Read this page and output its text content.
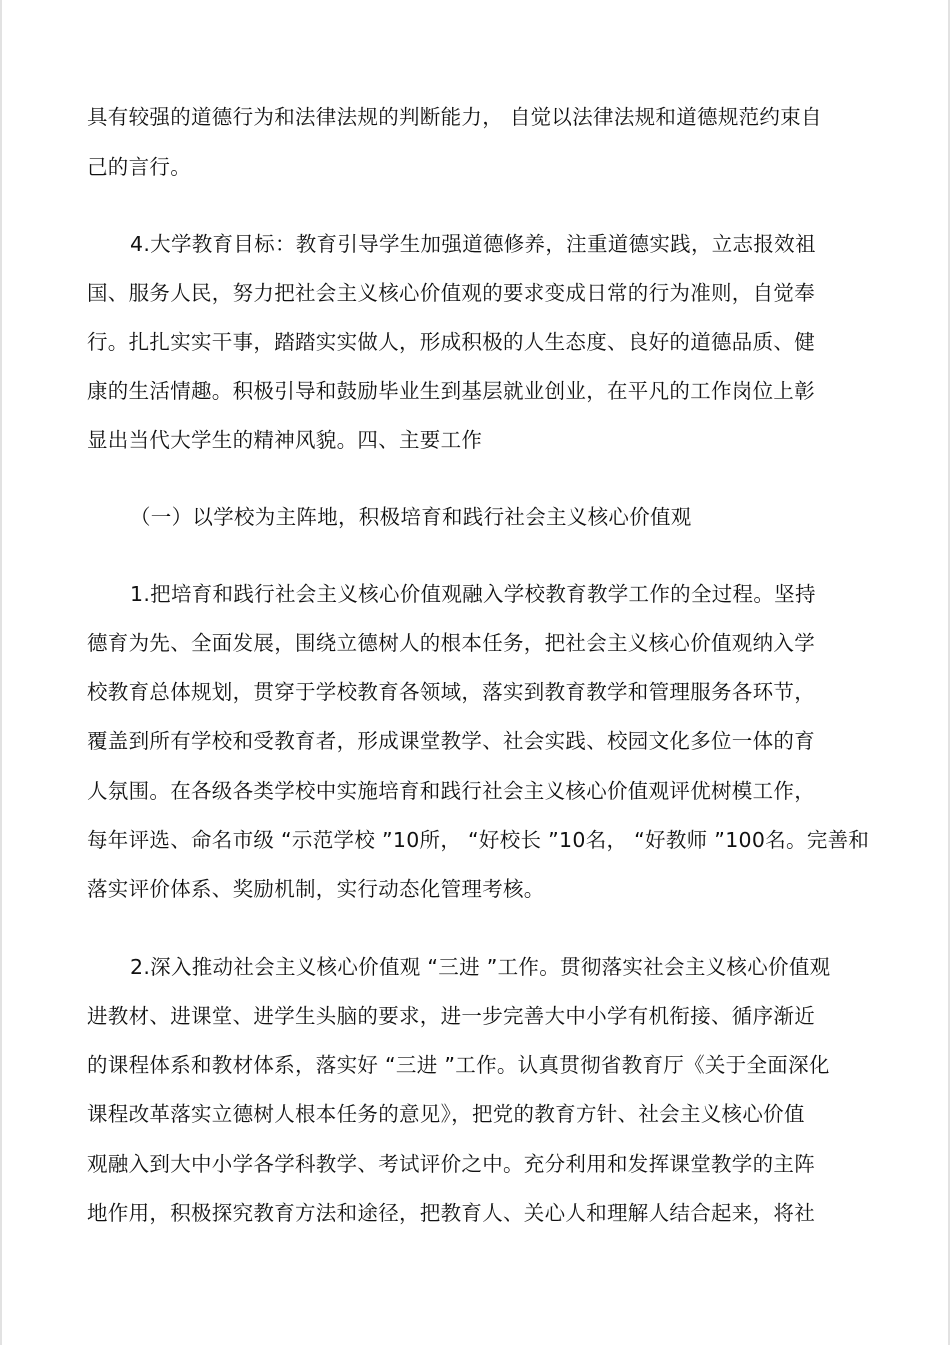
具有较强的道德行为和法律法规的判断能力， 自觉以法律法规和道德规范约束自
己的言行。
4.大学教育目标：教育引导学生加强道德修养，注重道德实践，立志报效祖
国、服务人民，努力把社会主义核心价值观的要求变成日常的行为准则，自觉奉
行。扎扎实实干事，踏踏实实做人，形成积极的人生态度、良好的道德品质、健
康的生活情趣。积极引导和鼓励毕业生到基层就业创业，在平凡的工作岗位上彰
显出当代大学生的精神风貌。四、主要工作
（一）以学校为主阵地，积极培育和践行社会主义核心价值观
1.把培育和践行社会主义核心价值观融入学校教育教学工作的全过程。坚持
德育为先、全面发展，围绕立德树人的根本任务，把社会主义核心价值观纳入学
校教育总体规划，贯穿于学校教育各领域，落实到教育教学和管理服务各环节，
覆盖到所有学校和受教育者，形成课堂教学、社会实践、校园文化多位一体的育
人氛围。在各级各类学校中实施培育和践行社会主义核心价值观评优树模工作，
每年评选、命名市级 “示范学校 ”10所， “好校长 ”10名， “好教师 ”100名。完善和
落实评价体系、奖励机制，实行动态化管理考核。
2.深入推动社会主义核心价值观 “三进 ”工作。贯彻落实社会主义核心价值观
进教材、进课堂、进学生头脑的要求，进一步完善大中小学有机衔接、循序渐近
的课程体系和教材体系，落实好 “三进 ”工作。认真贯彻省教育厅《关于全面深化
课程改革落实立德树人根本任务的意见》，把党的教育方针、社会主义核心价值
观融入到大中小学各学科教学、考试评价之中。充分利用和发挥课堂教学的主阵
地作用，积极探究教育方法和途径，把教育人、关心人和理解人结合起来，将社
